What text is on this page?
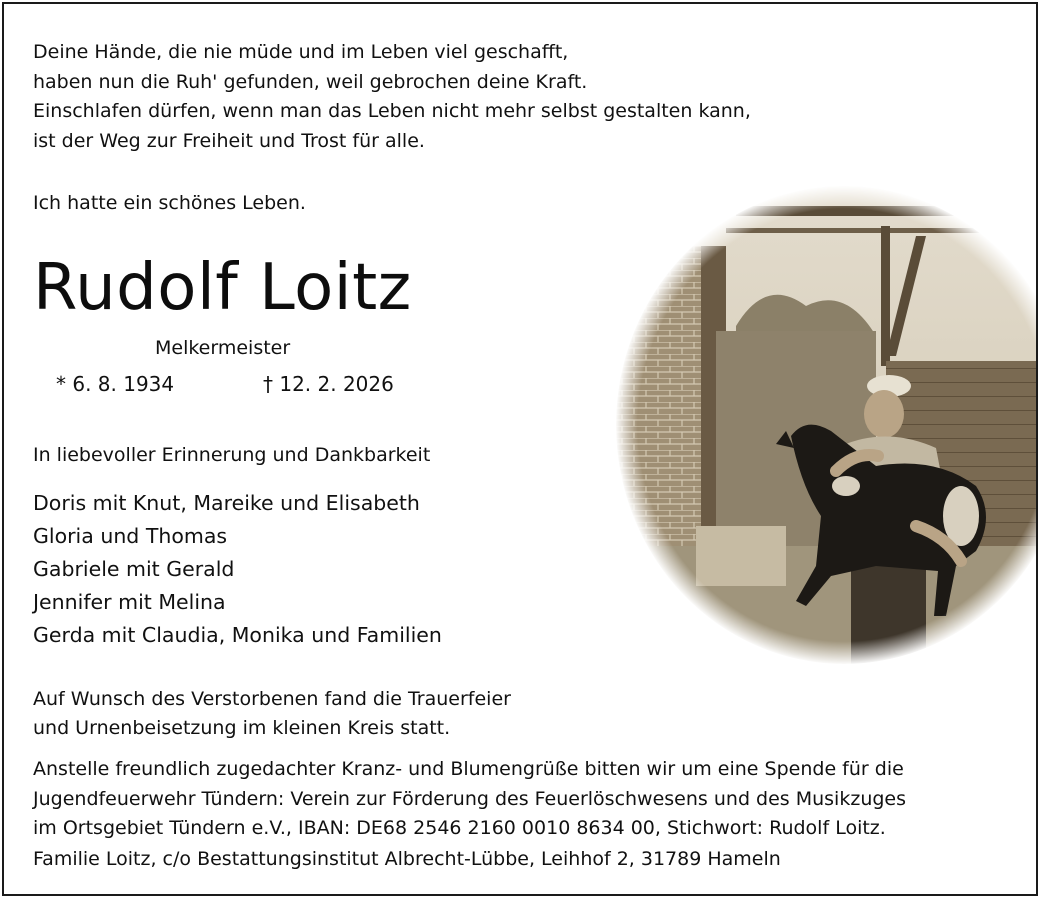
Deine Hände, die nie müde und im Leben viel geschafft,
haben nun die Ruh' gefunden, weil gebrochen deine Kraft.
Einschlafen dürfen, wenn man das Leben nicht mehr selbst gestalten kann,
ist der Weg zur Freiheit und Trost für alle.
Ich hatte ein schönes Leben.
Rudolf Loitz
Melkermeister
* 6. 8. 1934	† 12. 2. 2026
In liebevoller Erinnerung und Dankbarkeit
Doris mit Knut, Mareike und Elisabeth
Gloria und Thomas
Gabriele mit Gerald
Jennifer mit Melina
Gerda mit Claudia, Monika und Familien
Auf Wunsch des Verstorbenen fand die Trauerfeier
und Urnenbeisetzung im kleinen Kreis statt.
Anstelle freundlich zugedachter Kranz- und Blumengrüße bitten wir um eine Spende für die
Jugendfeuerwehr Tündern: Verein zur Förderung des Feuerlöschwesens und des Musikzuges
im Ortsgebiet Tündern e.V., IBAN: DE68 2546 2160 0010 8634 00, Stichwort: Rudolf Loitz.
Familie Loitz, c/o Bestattungsinstitut Albrecht-Lübbe, Leihhof 2, 31789 Hameln
